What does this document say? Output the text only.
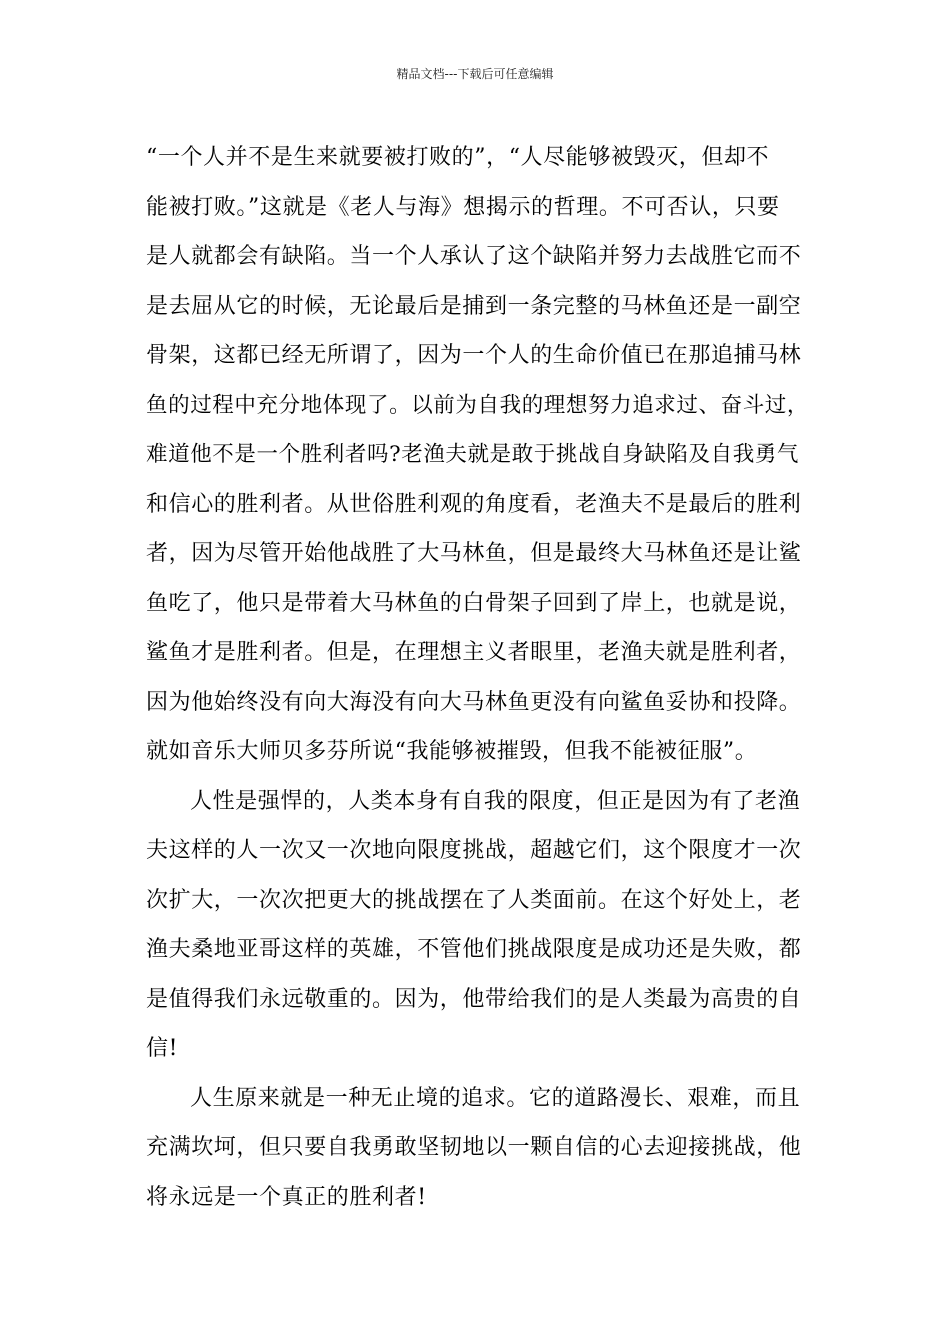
精品文档---下载后可任意编辑
“一个人并不是生来就要被打败的”，“人尽能够被毁灭，但却不
能被打败。”这就是《老人与海》想揭示的哲理。不可否认，只要
是人就都会有缺陷。当一个人承认了这个缺陷并努力去战胜它而不
是去屈从它的时候，无论最后是捕到一条完整的马林鱼还是一副空
骨架，这都已经无所谓了，因为一个人的生命价值已在那追捕马林
鱼的过程中充分地体现了。以前为自我的理想努力追求过、奋斗过，
难道他不是一个胜利者吗?老渔夫就是敢于挑战自身缺陷及自我勇气
和信心的胜利者。从世俗胜利观的角度看，老渔夫不是最后的胜利
者，因为尽管开始他战胜了大马林鱼，但是最终大马林鱼还是让鲨
鱼吃了，他只是带着大马林鱼的白骨架子回到了岸上，也就是说，
鲨鱼才是胜利者。但是，在理想主义者眼里，老渔夫就是胜利者，
因为他始终没有向大海没有向大马林鱼更没有向鲨鱼妥协和投降。
就如音乐大师贝多芬所说“我能够被摧毁，但我不能被征服”。
人性是强悍的，人类本身有自我的限度，但正是因为有了老渔
夫这样的人一次又一次地向限度挑战，超越它们，这个限度才一次
次扩大，一次次把更大的挑战摆在了人类面前。在这个好处上，老
渔夫桑地亚哥这样的英雄，不管他们挑战限度是成功还是失败，都
是值得我们永远敬重的。因为，他带给我们的是人类最为高贵的自
信!
人生原来就是一种无止境的追求。它的道路漫长、艰难，而且
充满坎坷，但只要自我勇敢坚韧地以一颗自信的心去迎接挑战，他
将永远是一个真正的胜利者!
